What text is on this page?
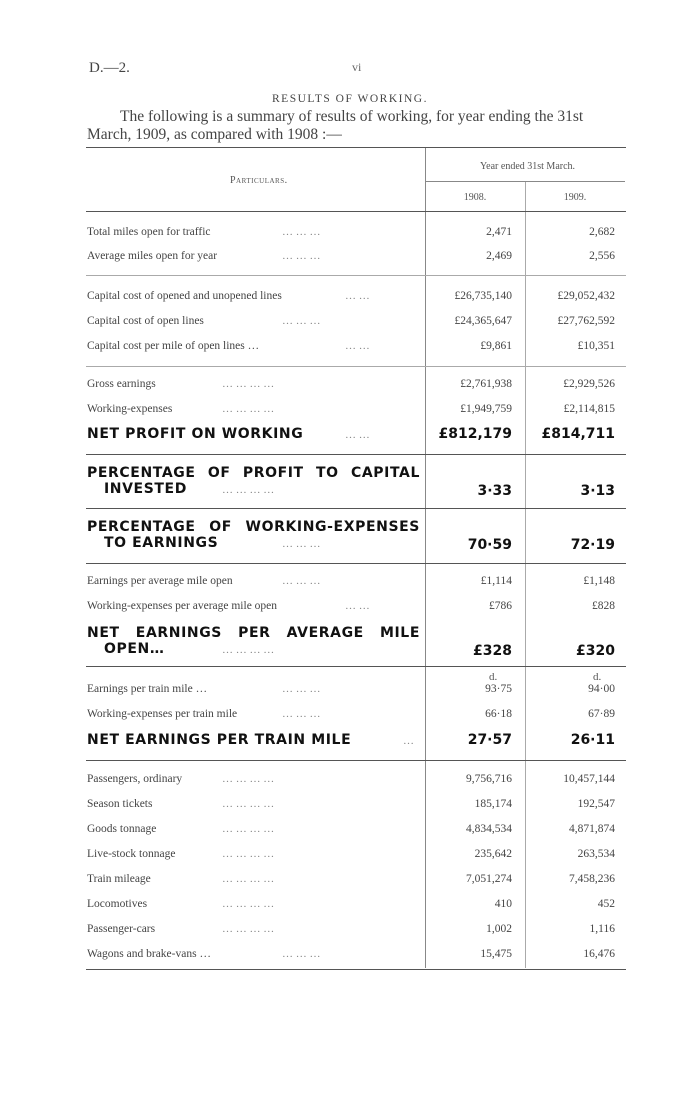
D.—2.	vi
RESULTS OF WORKING.
The following is a summary of results of working, for year ending the 31st
March, 1909, as compared with 1908 :—
Particulars.
Year ended 31st March.
1908.	1909.
Total miles open for traffic	… … …	2,471	2,682
Average miles open for year	… … …	2,469	2,556
Capital cost of opened and unopened lines	… …	£26,735,140	£29,052,432
Capital cost of open lines	… … …	£24,365,647	£27,762,592
Capital cost per mile of open lines …	… …	£9,861	£10,351
Gross earnings	… … … …	£2,761,938	£2,929,526
Working-expenses	… … … …	£1,949,759	£2,114,815
NET PROFIT ON WORKING	… …	£812,179 £814,711
PERCENTAGE OF PROFIT TO CAPITAL
INVESTED	… … … …	3·33	3·13
PERCENTAGE OF WORKING-EXPENSES
TO EARNINGS	… … …	70·59	72·19
Earnings per average mile open	… … …	£1,114	£1,148
Working-expenses per average mile open	… …	£786	£828
NET EARNINGS PER AVERAGE MILE
OPEN…	… … … …	£328	£320
d.	d.
Earnings per train mile …	… … …	93·75	94·00
Working-expenses per train mile	… … …	66·18	67·89
NET EARNINGS PER TRAIN MILE	…	27·57	26·11
Passengers, ordinary	… … … …	9,756,716	10,457,144
Season tickets	… … … …	185,174	192,547
Goods tonnage	… … … …	4,834,534	4,871,874
Live-stock tonnage	… … … …	235,642	263,534
Train mileage	… … … …	7,051,274	7,458,236
Locomotives	… … … …	410	452
Passenger-cars	… … … …	1,002	1,116
Wagons and brake-vans …	… … …	15,475	16,476
